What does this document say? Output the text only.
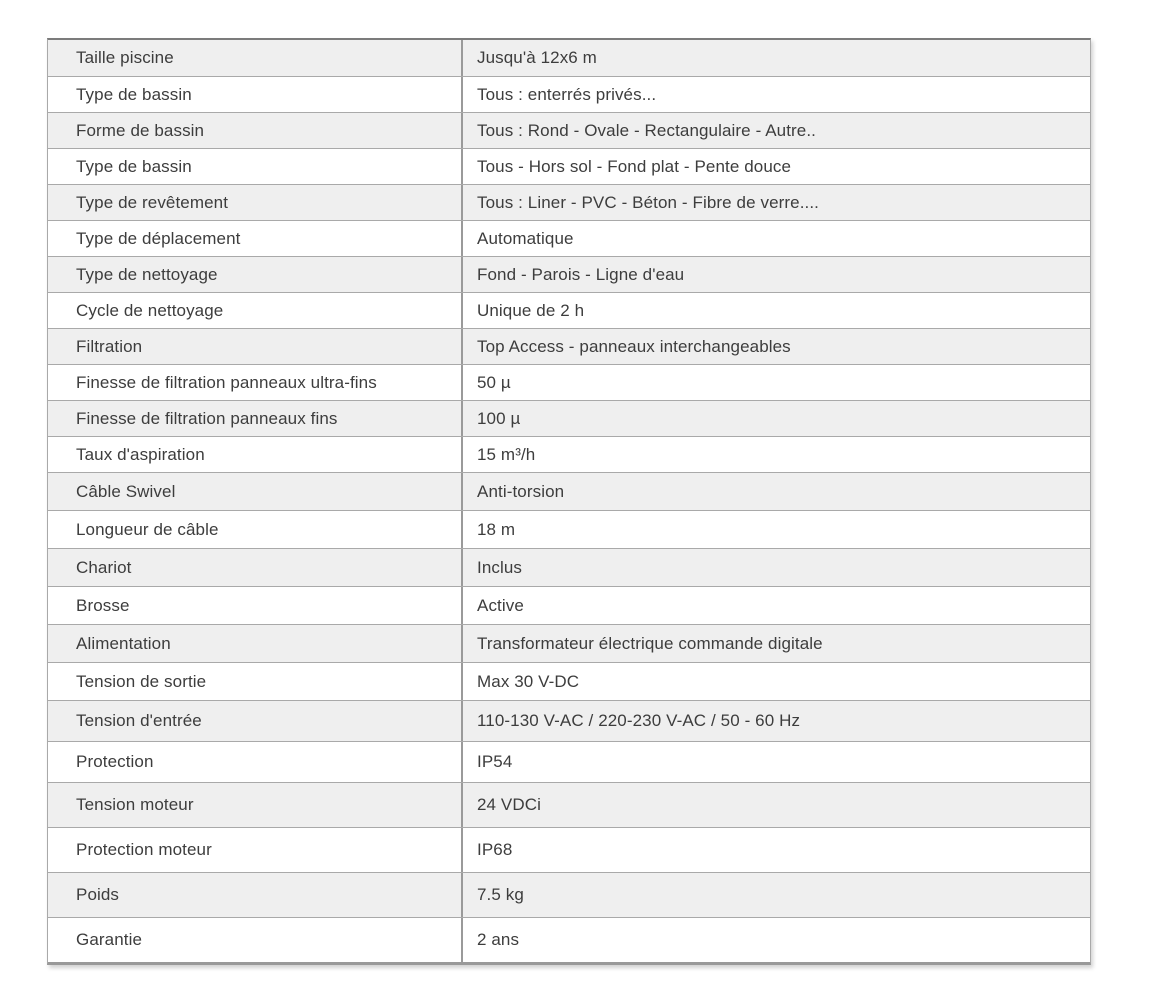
Taille piscine	Jusqu'à 12x6 m
Type de bassin	Tous : enterrés privés...
Forme de bassin	Tous : Rond - Ovale - Rectangulaire - Autre..
Type de bassin	Tous - Hors sol - Fond plat - Pente douce
Type de revêtement	Tous : Liner - PVC - Béton - Fibre de verre....
Type de déplacement	Automatique
Type de nettoyage	Fond - Parois - Ligne d'eau
Cycle de nettoyage	Unique de 2 h
Filtration	Top Access - panneaux interchangeables
Finesse de filtration panneaux ultra-fins	50 µ
Finesse de filtration panneaux fins	100 µ
Taux d'aspiration	15 m³/h
Câble Swivel	Anti-torsion
Longueur de câble	18 m
Chariot	Inclus
Brosse	Active
Alimentation	Transformateur électrique commande digitale
Tension de sortie	Max 30 V-DC
Tension d'entrée	110-130 V-AC / 220-230 V-AC / 50 - 60 Hz
Protection	IP54
Tension moteur	24 VDCi
Protection moteur	IP68
Poids	7.5 kg
Garantie	2 ans
